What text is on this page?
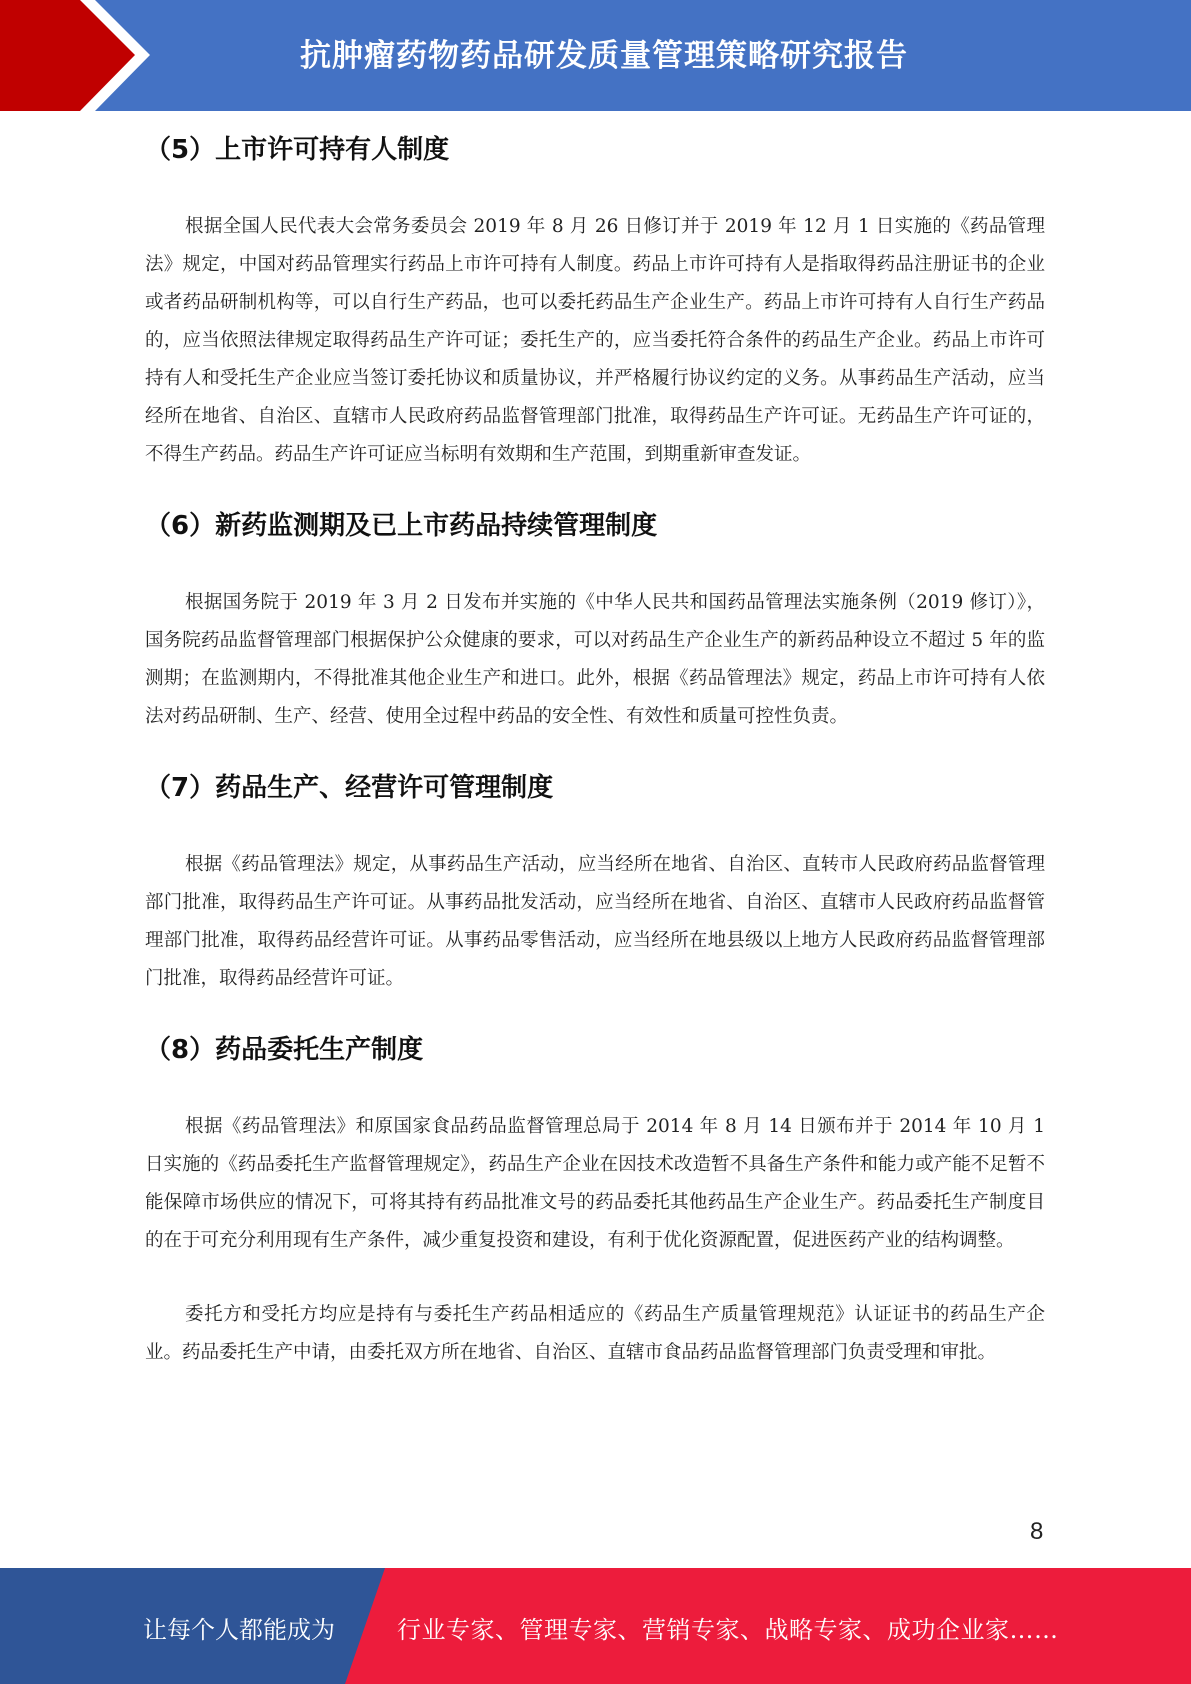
抗肿瘤药物药品研发质量管理策略研究报告
（5）上市许可持有人制度

根据全国人民代表大会常务委员会 2019 年 8 月 26 日修订并于 2019 年 12 月 1 日实施的《药品管理法》规定，中国对药品管理实行药品上市许可持有人制度。药品上市许可持有人是指取得药品注册证书的企业或者药品研制机构等，可以自行生产药品，也可以委托药品生产企业生产。药品上市许可持有人自行生产药品的，应当依照法律规定取得药品生产许可证；委托生产的，应当委托符合条件的药品生产企业。药品上市许可持有人和受托生产企业应当签订委托协议和质量协议，并严格履行协议约定的义务。从事药品生产活动，应当经所在地省、自治区、直辖市人民政府药品监督管理部门批准，取得药品生产许可证。无药品生产许可证的，不得生产药品。药品生产许可证应当标明有效期和生产范围，到期重新审查发证。

（6）新药监测期及已上市药品持续管理制度

根据国务院于 2019 年 3 月 2 日发布并实施的《中华人民共和国药品管理法实施条例（2019 修订）》，国务院药品监督管理部门根据保护公众健康的要求，可以对药品生产企业生产的新药品种设立不超过 5 年的监测期；在监测期内，不得批准其他企业生产和进口。此外，根据《药品管理法》规定，药品上市许可持有人依法对药品研制、生产、经营、使用全过程中药品的安全性、有效性和质量可控性负责。

（7）药品生产、经营许可管理制度

根据《药品管理法》规定，从事药品生产活动，应当经所在地省、自治区、直转市人民政府药品监督管理部门批准，取得药品生产许可证。从事药品批发活动，应当经所在地省、自治区、直辖市人民政府药品监督管理部门批准，取得药品经营许可证。从事药品零售活动，应当经所在地县级以上地方人民政府药品监督管理部门批准，取得药品经营许可证。

（8）药品委托生产制度

根据《药品管理法》和原国家食品药品监督管理总局于 2014 年 8 月 14 日颁布并于 2014 年 10 月 1 日实施的《药品委托生产监督管理规定》，药品生产企业在因技术改造暂不具备生产条件和能力或产能不足暂不能保障市场供应的情况下，可将其持有药品批准文号的药品委托其他药品生产企业生产。药品委托生产制度目的在于可充分利用现有生产条件，减少重复投资和建设，有利于优化资源配置，促进医药产业的结构调整。

委托方和受托方均应是持有与委托生产药品相适应的《药品生产质量管理规范》认证证书的药品生产企业。药品委托生产中请，由委托双方所在地省、自治区、直辖市食品药品监督管理部门负责受理和审批。

8
让每个人都能成为	行业专家、管理专家、营销专家、战略专家、成功企业家……
